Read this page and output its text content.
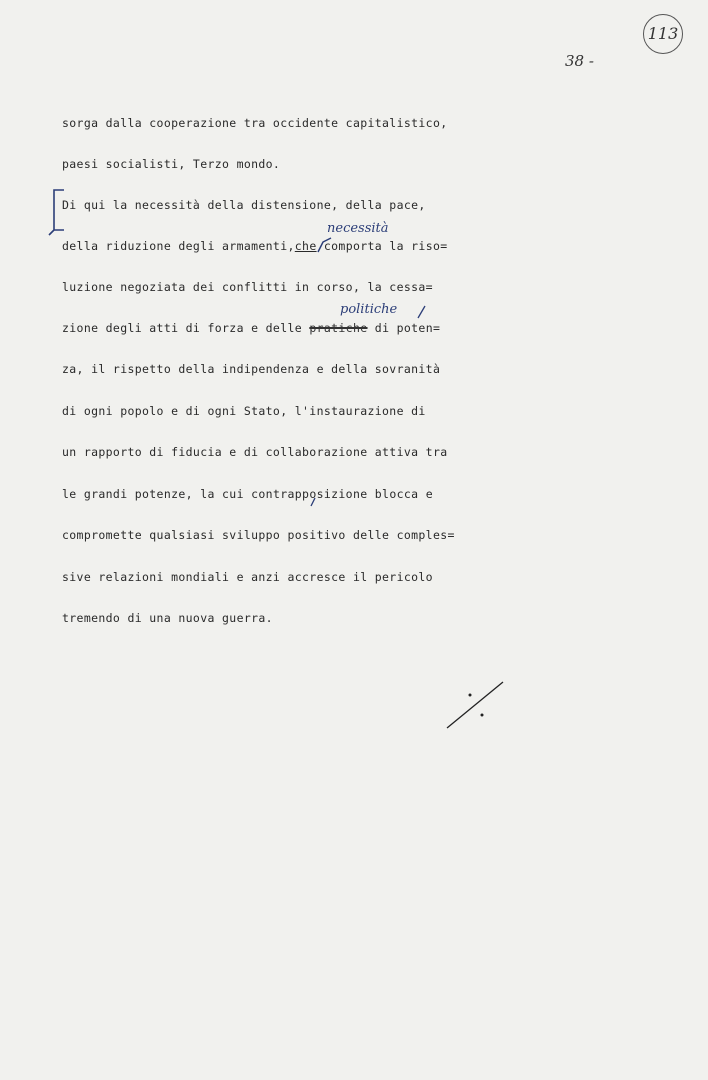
113
38 -

sorga dalla cooperazione tra occidente capitalistico,

paesi socialisti, Terzo mondo.

Di qui la necessità della distensione, della pace,

della riduzione degli armamenti,che comporta la riso=

luzione negoziata dei conflitti in corso, la cessa=

zione degli atti di forza e delle pratiche di poten=

za, il rispetto della indipendenza e della sovranità

di ogni popolo e di ogni Stato, l'instaurazione di

un rapporto di fiducia e di collaborazione attiva tra

le grandi potenze, la cui contrapposizione blocca e

compromette qualsiasi sviluppo positivo delle comples=

sive relazioni mondiali e anzi accresce il pericolo

tremendo di una nuova guerra.

necessità
politiche
